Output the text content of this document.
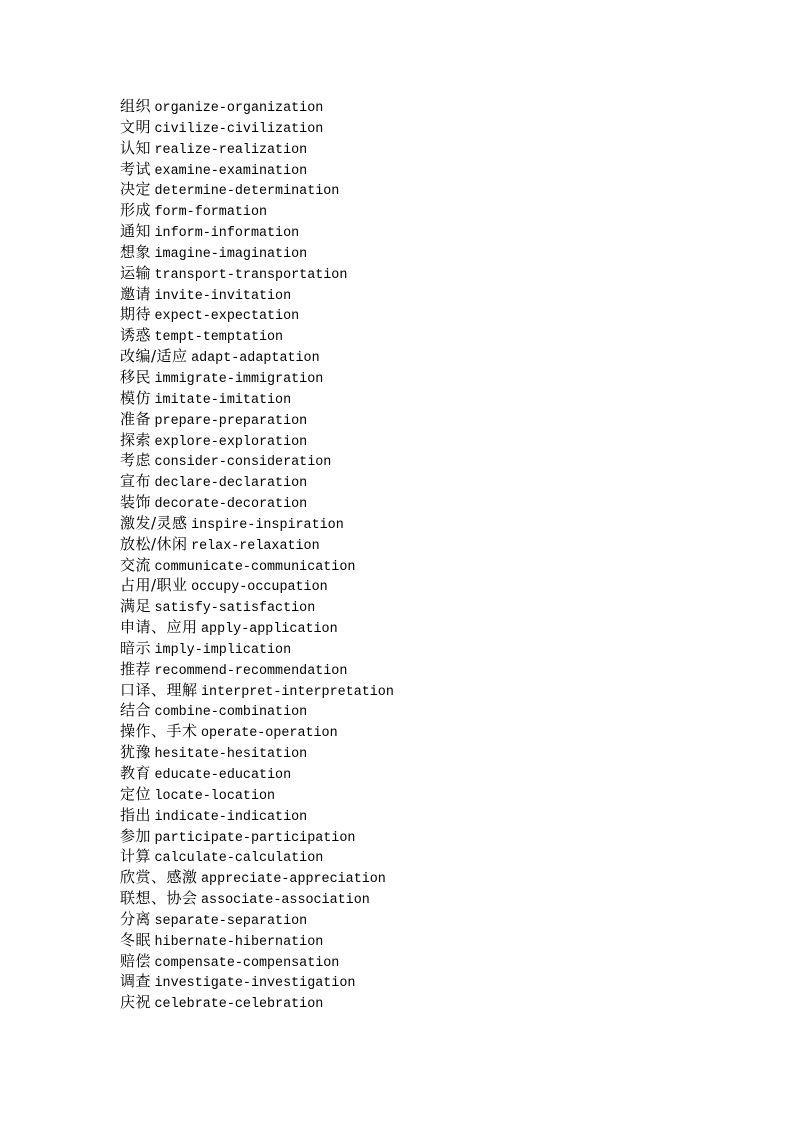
组织 organize-organization
文明 civilize-civilization
认知 realize-realization
考试 examine-examination
决定 determine-determination
形成 form-formation
通知 inform-information
想象 imagine-imagination
运输 transport-transportation
邀请 invite-invitation
期待 expect-expectation
诱惑 tempt-temptation
改编/适应 adapt-adaptation
移民 immigrate-immigration
模仿 imitate-imitation
准备 prepare-preparation
探索 explore-exploration
考虑 consider-consideration
宣布 declare-declaration
装饰 decorate-decoration
激发/灵感 inspire-inspiration
放松/休闲 relax-relaxation
交流 communicate-communication
占用/职业 occupy-occupation
满足 satisfy-satisfaction
申请、应用 apply-application
暗示 imply-implication
推荐 recommend-recommendation
口译、理解 interpret-interpretation
结合 combine-combination
操作、手术 operate-operation
犹豫 hesitate-hesitation
教育 educate-education
定位 locate-location
指出 indicate-indication
参加 participate-participation
计算 calculate-calculation
欣赏、感激 appreciate-appreciation
联想、协会 associate-association
分离 separate-separation
冬眠 hibernate-hibernation
赔偿 compensate-compensation
调查 investigate-investigation
庆祝 celebrate-celebration
